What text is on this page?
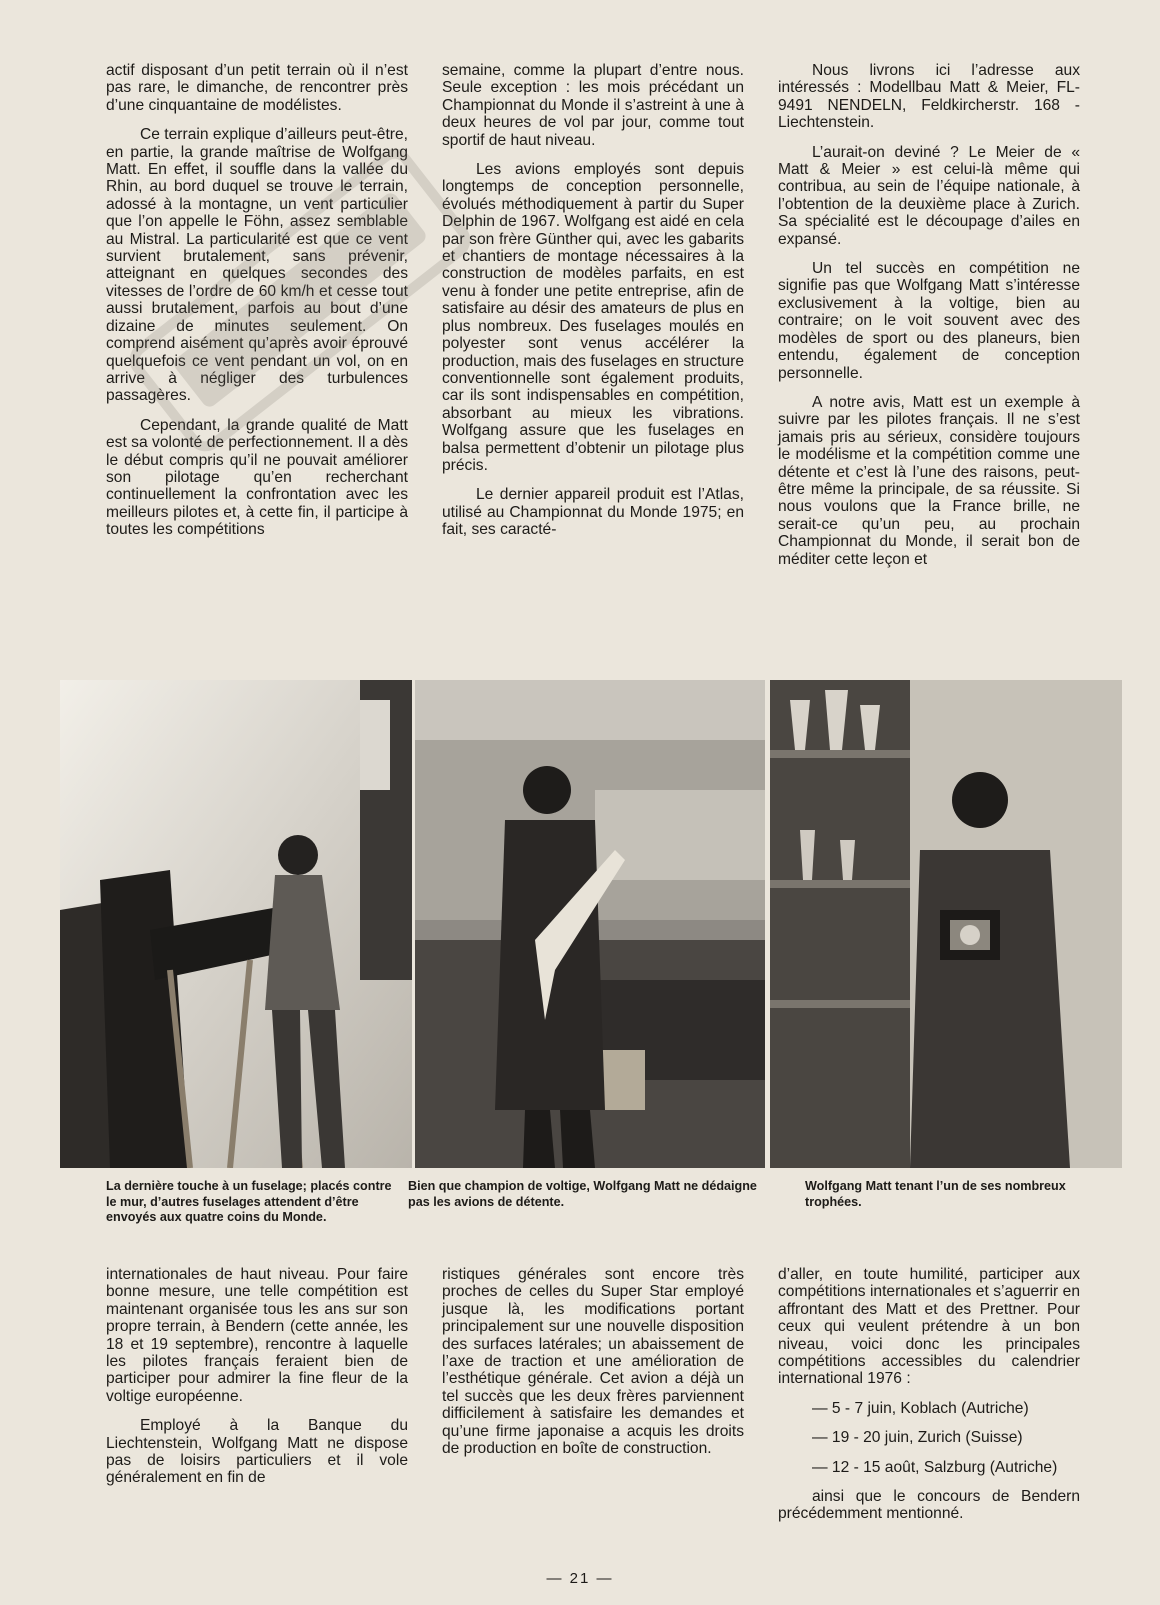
actif disposant d’un petit terrain où il n’est pas rare, le dimanche, de rencontrer près d’une cinquantaine de modélistes.

Ce terrain explique d’ailleurs peut-être, en partie, la grande maîtrise de Wolfgang Matt. En effet, il souffle dans la vallée du Rhin, au bord duquel se trouve le terrain, adossé à la montagne, un vent particulier que l’on appelle le Föhn, assez semblable au Mistral. La particularité est que ce vent survient brutalement, sans prévenir, atteignant en quelques secondes des vitesses de l’ordre de 60 km/h et cesse tout aussi brutalement, parfois au bout d’une dizaine de minutes seulement. On comprend aisément qu’après avoir éprouvé quelquefois ce vent pendant un vol, on en arrive à négliger des turbulences passagères.

Cependant, la grande qualité de Matt est sa volonté de perfectionnement. Il a dès le début compris qu’il ne pouvait améliorer son pilotage qu’en recherchant continuellement la confrontation avec les meilleurs pilotes et, à cette fin, il participe à toutes les compétitions

semaine, comme la plupart d’entre nous. Seule exception : les mois précédant un Championnat du Monde il s’astreint à une à deux heures de vol par jour, comme tout sportif de haut niveau.

Les avions employés sont depuis longtemps de conception personnelle, évolués méthodiquement à partir du Super Delphin de 1967. Wolfgang est aidé en cela par son frère Günther qui, avec les gabarits et chantiers de montage nécessaires à la construction de modèles parfaits, en est venu à fonder une petite entreprise, afin de satisfaire au désir des amateurs de plus en plus nombreux. Des fuselages moulés en polyester sont venus accélérer la production, mais des fuselages en structure conventionnelle sont également produits, car ils sont indispensables en compétition, absorbant au mieux les vibrations. Wolfgang assure que les fuselages en balsa permettent d’obtenir un pilotage plus précis.

Le dernier appareil produit est l’Atlas, utilisé au Championnat du Monde 1975; en fait, ses caracté-

Nous livrons ici l’adresse aux intéressés : Modellbau Matt & Meier, FL-9491 NENDELN, Feldkircherstr. 168 - Liechtenstein.

L’aurait-on deviné ? Le Meier de « Matt & Meier » est celui-là même qui contribua, au sein de l’équipe nationale, à l’obtention de la deuxième place à Zurich. Sa spécialité est le découpage d’ailes en expansé.

Un tel succès en compétition ne signifie pas que Wolfgang Matt s’intéresse exclusivement à la voltige, bien au contraire; on le voit souvent avec des modèles de sport ou des planeurs, bien entendu, également de conception personnelle.

A notre avis, Matt est un exemple à suivre par les pilotes français. Il ne s’est jamais pris au sérieux, considère toujours le modélisme et la compétition comme une détente et c’est là l’une des raisons, peut-être même la principale, de sa réussite. Si nous voulons que la France brille, ne serait-ce qu’un peu, au prochain Championnat du Monde, il serait bon de méditer cette leçon et

La dernière touche à un fuselage; placés contre le mur, d’autres fuselages attendent d’être envoyés aux quatre coins du Monde.
Bien que champion de voltige, Wolfgang Matt ne dédaigne pas les avions de détente.
Wolfgang Matt tenant l’un de ses nombreux trophées.

internationales de haut niveau. Pour faire bonne mesure, une telle compétition est maintenant organisée tous les ans sur son propre terrain, à Bendern (cette année, les 18 et 19 septembre), rencontre à laquelle les pilotes français feraient bien de participer pour admirer la fine fleur de la voltige européenne.

Employé à la Banque du Liechtenstein, Wolfgang Matt ne dispose pas de loisirs particuliers et il vole généralement en fin de

ristiques générales sont encore très proches de celles du Super Star employé jusque là, les modifications portant principalement sur une nouvelle disposition des surfaces latérales; un abaissement de l’axe de traction et une amélioration de l’esthétique générale. Cet avion a déjà un tel succès que les deux frères parviennent difficilement à satisfaire les demandes et qu’une firme japonaise a acquis les droits de production en boîte de construction.

d’aller, en toute humilité, participer aux compétitions internationales et s’aguerrir en affrontant des Matt et des Prettner. Pour ceux qui veulent prétendre à un bon niveau, voici donc les principales compétitions accessibles du calendrier international 1976 :

— 5 - 7 juin, Koblach (Autriche)

— 19 - 20 juin, Zurich (Suisse)

— 12 - 15 août, Salzburg (Autriche)

ainsi que le concours de Bendern précédemment mentionné.

— 21 —
